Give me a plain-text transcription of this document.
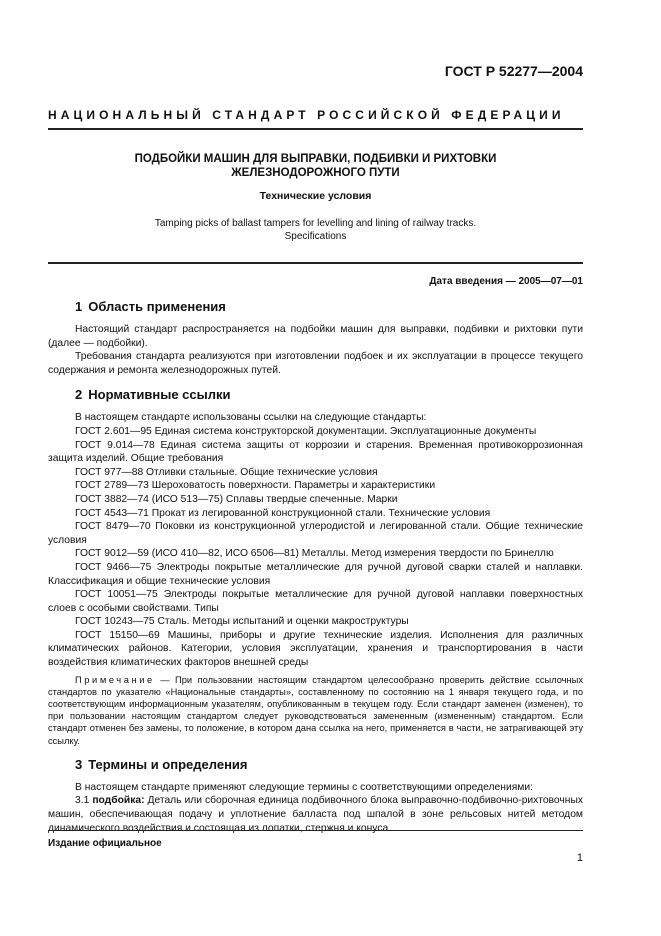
ГОСТ Р 52277—2004
НАЦИОНАЛЬНЫЙ СТАНДАРТ РОССИЙСКОЙ ФЕДЕРАЦИИ
ПОДБОЙКИ МАШИН ДЛЯ ВЫПРАВКИ, ПОДБИВКИ И РИХТОВКИ
ЖЕЛЕЗНОДОРОЖНОГО ПУТИ
Технические условия
Tamping picks of ballast tampers for levelling and lining of railway tracks.
Specifications
Дата введения — 2005—07—01
1 Область применения

Настоящий стандарт распространяется на подбойки машин для выправки, подбивки и рихтовки пути (далее — подбойки).

Требования стандарта реализуются при изготовлении подбоек и их эксплуатации в процессе текущего содержания и ремонта железнодорожных путей.

2 Нормативные ссылки

В настоящем стандарте использованы ссылки на следующие стандарты:

ГОСТ 2.601—95 Единая система конструкторской документации. Эксплуатационные документы

ГОСТ 9.014—78 Единая система защиты от коррозии и старения. Временная противокоррозионная защита изделий. Общие требования

ГОСТ 977—88 Отливки стальные. Общие технические условия

ГОСТ 2789—73 Шероховатость поверхности. Параметры и характеристики

ГОСТ 3882—74 (ИСО 513—75) Сплавы твердые спеченные. Марки

ГОСТ 4543—71 Прокат из легированной конструкционной стали. Технические условия

ГОСТ 8479—70 Поковки из конструкционной углеродистой и легированной стали. Общие технические условия

ГОСТ 9012—59 (ИСО 410—82, ИСО 6506—81) Металлы. Метод измерения твердости по Бринеллю

ГОСТ 9466—75 Электроды покрытые металлические для ручной дуговой сварки сталей и наплавки. Классификация и общие технические условия

ГОСТ 10051—75 Электроды покрытые металлические для ручной дуговой наплавки поверхностных слоев с особыми свойствами. Типы

ГОСТ 10243—75 Сталь. Методы испытаний и оценки макроструктуры

ГОСТ 15150—69 Машины, приборы и другие технические изделия. Исполнения для различных климатических районов. Категории, условия эксплуатации, хранения и транспортирования в части воздействия климатических факторов внешней среды

Примечание — При пользовании настоящим стандартом целесообразно проверить действие ссылочных стандартов по указателю «Национальные стандарты», составленному по состоянию на 1 января текущего года, и по соответствующим информационным указателям, опубликованным в текущем году. Если стандарт заменен (изменен), то при пользовании настоящим стандартом следует руководствоваться замененным (измененным) стандартом. Если стандарт отменен без замены, то положение, в котором дана ссылка на него, применяется в части, не затрагивающей эту ссылку.

3 Термины и определения

В настоящем стандарте применяют следующие термины с соответствующими определениями:

3.1 подбойка: Деталь или сборочная единица подбивочного блока выправочно-подбивочно-рихтовочных машин, обеспечивающая подачу и уплотнение балласта под шпалой в зоне рельсовых нитей методом динамического воздействия и состоящая из лопатки, стержня и конуса.

Издание официальное
1
